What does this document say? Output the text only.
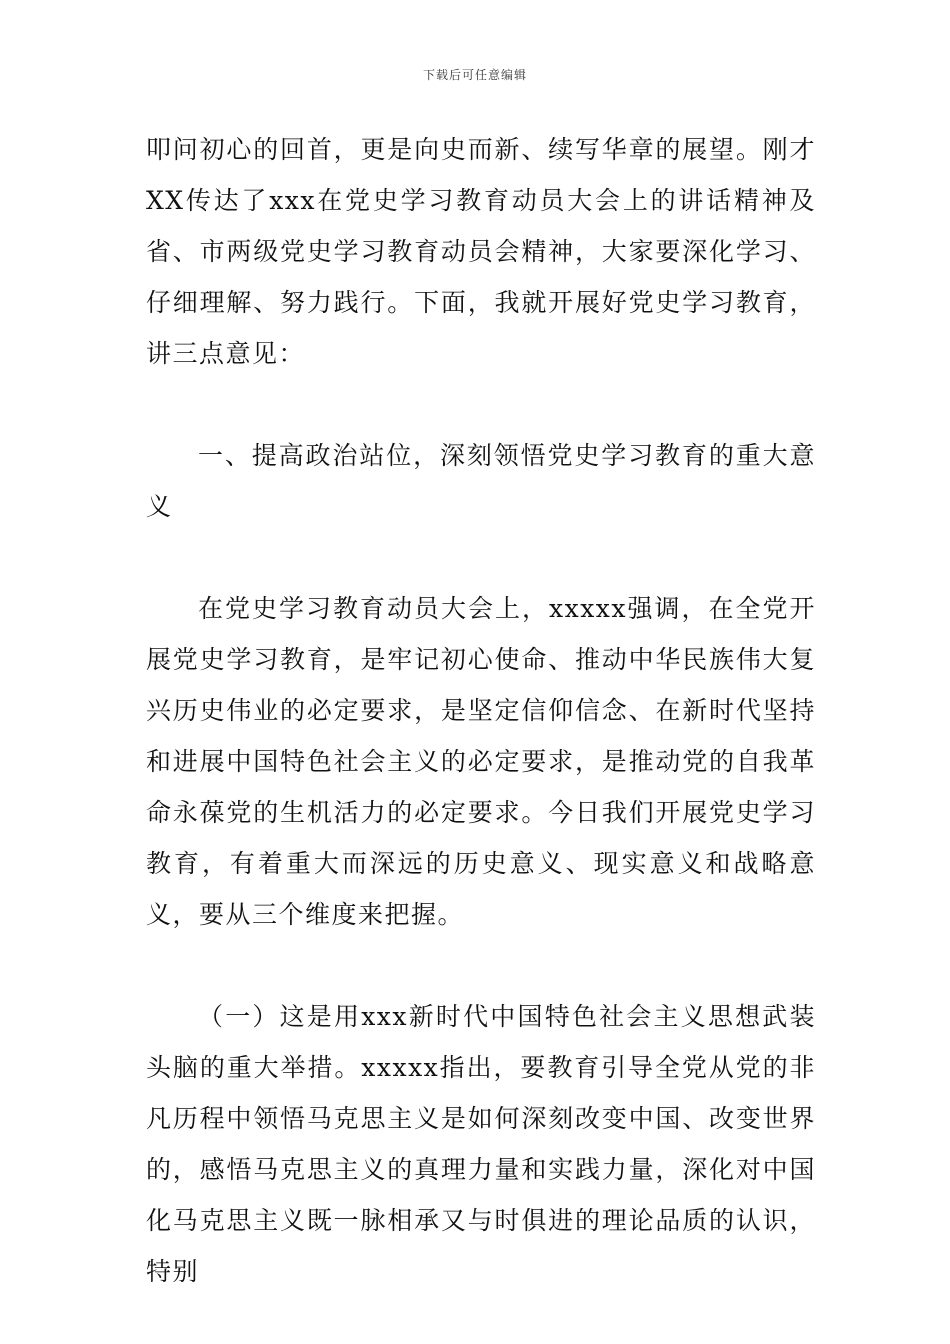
下载后可任意编辑

叩问初心的回首，更是向史而新、续写华章的展望。刚才XX传达了xxx在党史学习教育动员大会上的讲话精神及省、市两级党史学习教育动员会精神，大家要深化学习、仔细理解、努力践行。下面，我就开展好党史学习教育，讲三点意见：

一、提高政治站位，深刻领悟党史学习教育的重大意义

在党史学习教育动员大会上，xxxxx强调，在全党开展党史学习教育，是牢记初心使命、推动中华民族伟大复兴历史伟业的必定要求，是坚定信仰信念、在新时代坚持和进展中国特色社会主义的必定要求，是推动党的自我革命永葆党的生机活力的必定要求。今日我们开展党史学习教育，有着重大而深远的历史意义、现实意义和战略意义，要从三个维度来把握。

（一）这是用xxx新时代中国特色社会主义思想武装头脑的重大举措。xxxxx指出，要教育引导全党从党的非凡历程中领悟马克思主义是如何深刻改变中国、改变世界的，感悟马克思主义的真理力量和实践力量，深化对中国化马克思主义既一脉相承又与时俱进的理论品质的认识，特别
